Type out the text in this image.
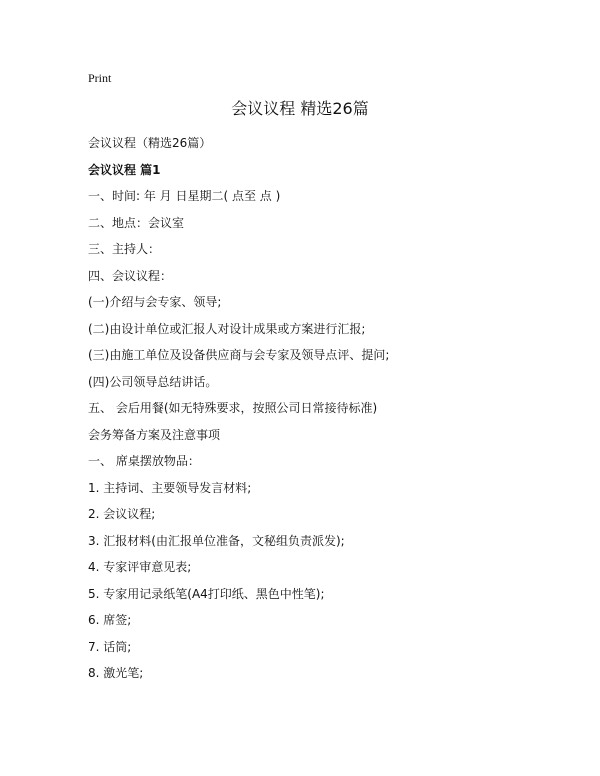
Print
会议议程 精选26篇
会议议程（精选26篇）
会议议程 篇1
一、时间: 年 月 日星期二( 点至 点 )
二、地点：会议室
三、主持人：
四、会议议程：
(一)介绍与会专家、领导;
(二)由设计单位或汇报人对设计成果或方案进行汇报;
(三)由施工单位及设备供应商与会专家及领导点评、提问;
(四)公司领导总结讲话。
五、 会后用餐(如无特殊要求，按照公司日常接待标准)
会务筹备方案及注意事项
一、 席桌摆放物品：
1. 主持词、主要领导发言材料;
2. 会议议程;
3. 汇报材料(由汇报单位准备，文秘组负责派发);
4. 专家评审意见表;
5. 专家用记录纸笔(A4打印纸、黑色中性笔);
6. 席签;
7. 话筒;
8. 激光笔;
